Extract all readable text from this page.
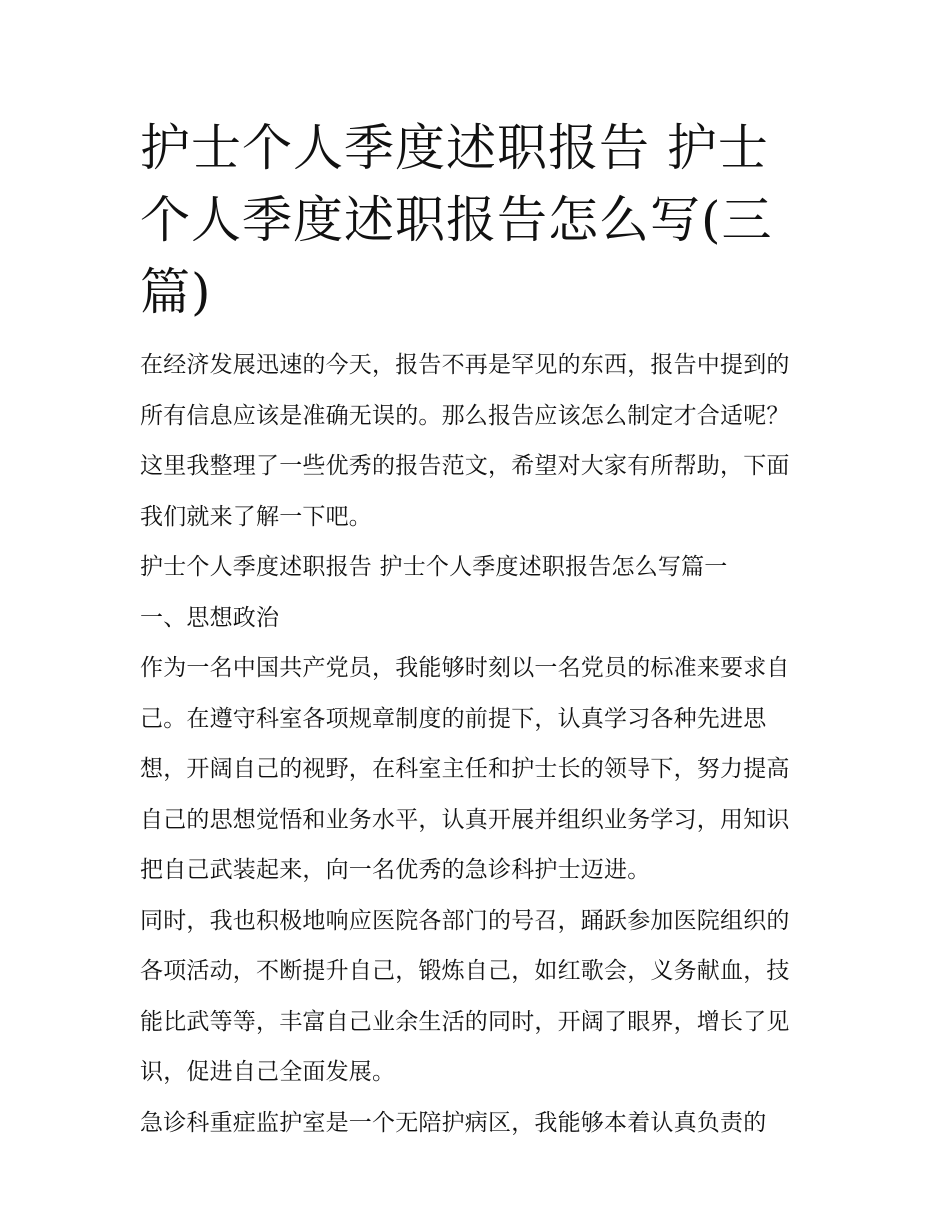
护士个人季度述职报告 护士个人季度述职报告怎么写(三篇)

在经济发展迅速的今天，报告不再是罕见的东西，报告中提到的所有信息应该是准确无误的。那么报告应该怎么制定才合适呢？这里我整理了一些优秀的报告范文，希望对大家有所帮助，下面我们就来了解一下吧。

护士个人季度述职报告 护士个人季度述职报告怎么写篇一

一、思想政治

作为一名中国共产党员，我能够时刻以一名党员的标准来要求自己。在遵守科室各项规章制度的前提下，认真学习各种先进思想，开阔自己的视野，在科室主任和护士长的领导下，努力提高自己的思想觉悟和业务水平，认真开展并组织业务学习，用知识把自己武装起来，向一名优秀的急诊科护士迈进。

同时，我也积极地响应医院各部门的号召，踊跃参加医院组织的各项活动，不断提升自己，锻炼自己，如红歌会，义务献血，技能比武等等，丰富自己业余生活的同时，开阔了眼界，增长了见识，促进自己全面发展。

急诊科重症监护室是一个无陪护病区，我能够本着认真负责的
